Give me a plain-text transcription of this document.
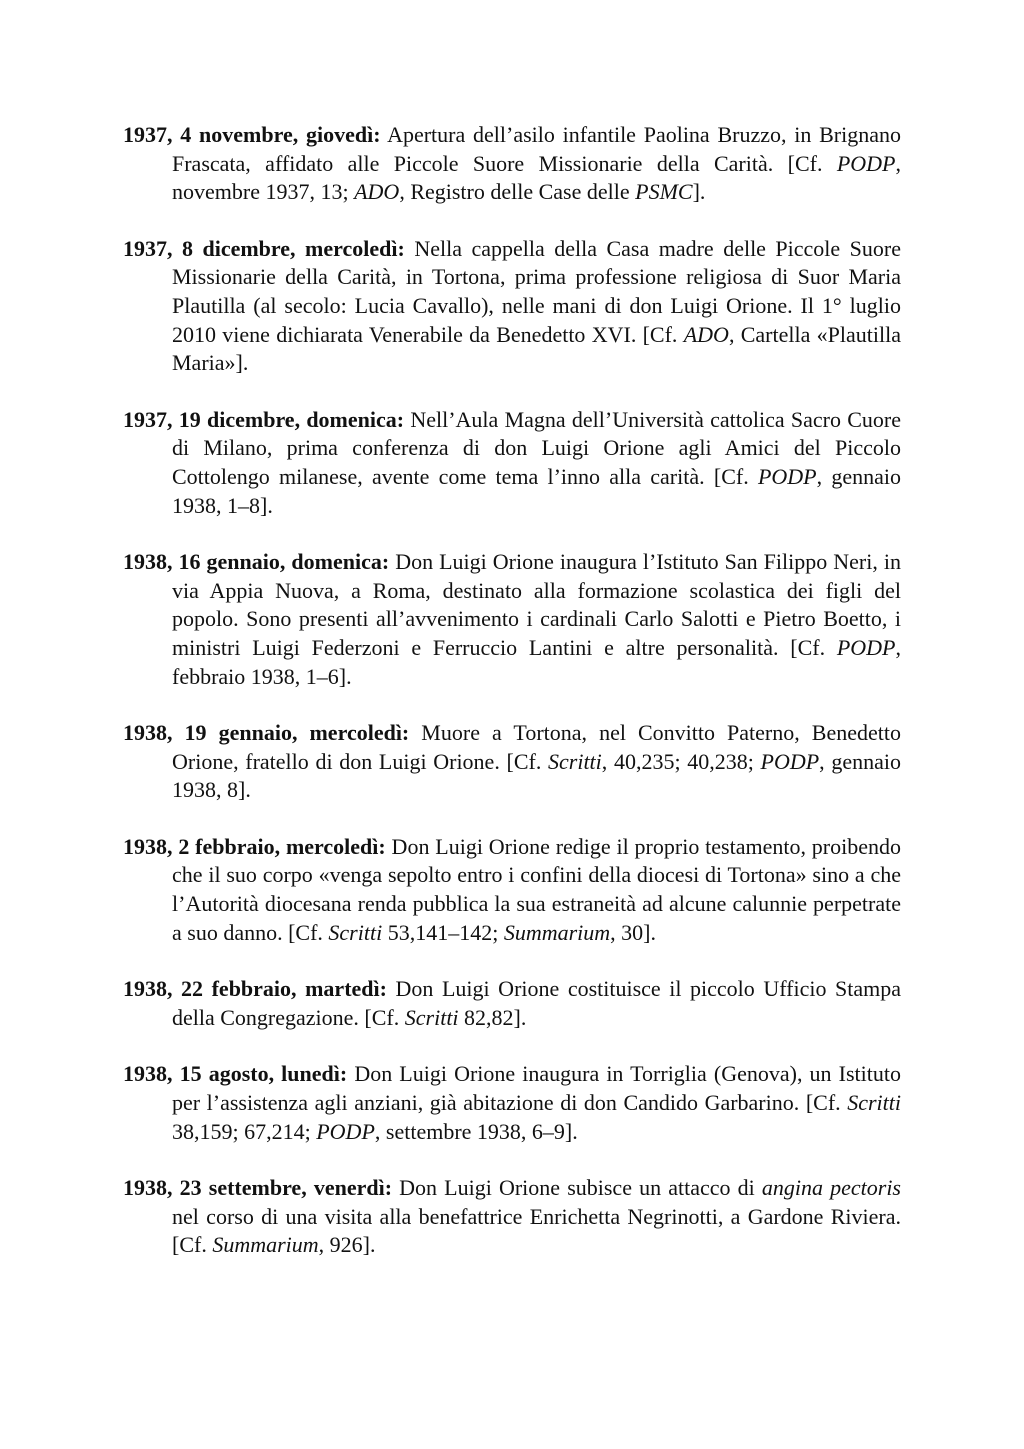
1937, 4 novembre, giovedì: Apertura dell’asilo infantile Paolina Bruzzo, in Brignano Frascata, affidato alle Piccole Suore Missionarie della Carità. [Cf. PODP, novembre 1937, 13; ADO, Registro delle Case delle PSMC].

1937, 8 dicembre, mercoledì: Nella cappella della Casa madre delle Piccole Suore Missionarie della Carità, in Tortona, prima professione religiosa di Suor Maria Plautilla (al secolo: Lucia Cavallo), nelle mani di don Luigi Orione. Il 1° luglio 2010 viene dichiarata Venerabile da Benedetto XVI. [Cf. ADO, Cartella «Plautilla Maria»].

1937, 19 dicembre, domenica: Nell’Aula Magna dell’Università cattolica Sacro Cuore di Milano, prima conferenza di don Luigi Orione agli Amici del Piccolo Cottolengo milanese, avente come tema l’inno alla carità. [Cf. PODP, gennaio 1938, 1–8].

1938, 16 gennaio, domenica: Don Luigi Orione inaugura l’Istituto San Filippo Neri, in via Appia Nuova, a Roma, destinato alla formazione scolastica dei figli del popolo. Sono presenti all’avvenimento i cardinali Carlo Salotti e Pietro Boetto, i ministri Luigi Federzoni e Ferruccio Lantini e altre personalità. [Cf. PODP, febbraio 1938, 1–6].

1938, 19 gennaio, mercoledì: Muore a Tortona, nel Convitto Paterno, Benedetto Orione, fratello di don Luigi Orione. [Cf. Scritti, 40,235; 40,238; PODP, gennaio 1938, 8].

1938, 2 febbraio, mercoledì: Don Luigi Orione redige il proprio testamento, proibendo che il suo corpo «venga sepolto entro i confini della diocesi di Tortona» sino a che l’Autorità diocesana renda pubblica la sua estraneità ad alcune calunnie perpetrate a suo danno. [Cf. Scritti 53,141–142; Summarium, 30].

1938, 22 febbraio, martedì: Don Luigi Orione costituisce il piccolo Ufficio Stampa della Congregazione. [Cf. Scritti 82,82].

1938, 15 agosto, lunedì: Don Luigi Orione inaugura in Torriglia (Genova), un Istituto per l’assistenza agli anziani, già abitazione di don Candido Garbarino. [Cf. Scritti 38,159; 67,214; PODP, settembre 1938, 6–9].

1938, 23 settembre, venerdì: Don Luigi Orione subisce un attacco di angina pectoris nel corso di una visita alla benefattrice Enrichetta Negrinotti, a Gardone Riviera. [Cf. Summarium, 926].
